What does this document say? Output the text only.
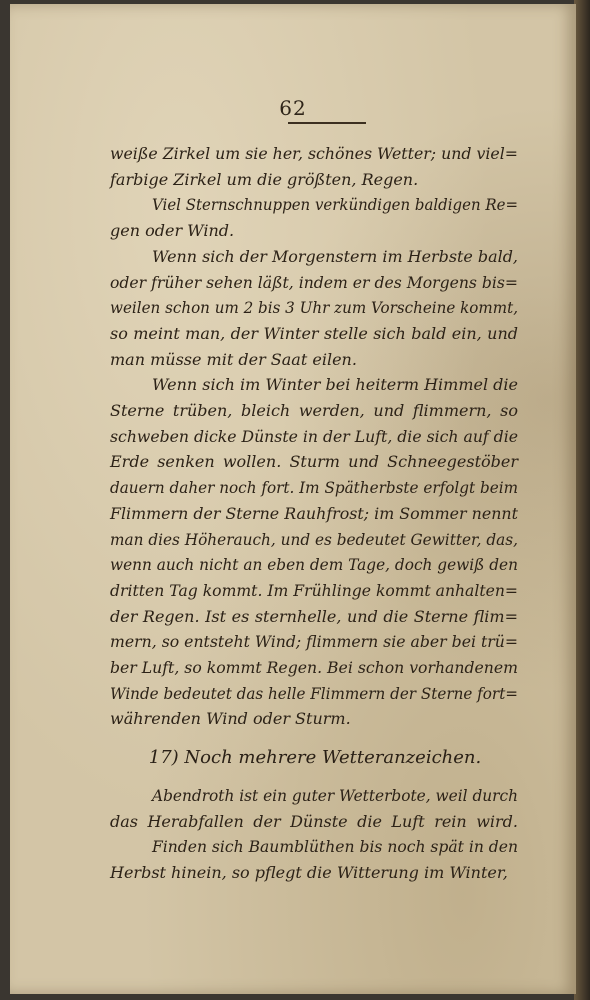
62
weiße Zirkel um sie her, schönes Wetter; und viel=
farbige Zirkel um die größten, Regen.
Viel Sternschnuppen verkündigen baldigen Re=
gen oder Wind.
Wenn sich der Morgenstern im Herbste bald,
oder früher sehen läßt, indem er des Morgens bis=
weilen schon um 2 bis 3 Uhr zum Vorscheine kommt,
so meint man, der Winter stelle sich bald ein, und
man müsse mit der Saat eilen.
Wenn sich im Winter bei heiterm Himmel die
Sterne trüben, bleich werden, und flimmern, so
schweben dicke Dünste in der Luft, die sich auf die
Erde senken wollen. Sturm und Schneegestöber
dauern daher noch fort. Im Spätherbste erfolgt beim
Flimmern der Sterne Rauhfrost; im Sommer nennt
man dies Höherauch, und es bedeutet Gewitter, das,
wenn auch nicht an eben dem Tage, doch gewiß den
dritten Tag kommt. Im Frühlinge kommt anhalten=
der Regen. Ist es sternhelle, und die Sterne flim=
mern, so entsteht Wind; flimmern sie aber bei trü=
ber Luft, so kommt Regen. Bei schon vorhandenem
Winde bedeutet das helle Flimmern der Sterne fort=
währenden Wind oder Sturm.
Abendroth ist ein guter Wetterbote, weil durch
das Herabfallen der Dünste die Luft rein wird.
Finden sich Baumblüthen bis noch spät in den
Herbst hinein, so pflegt die Witterung im Winter,
17) Noch mehrere Wetteranzeichen.
